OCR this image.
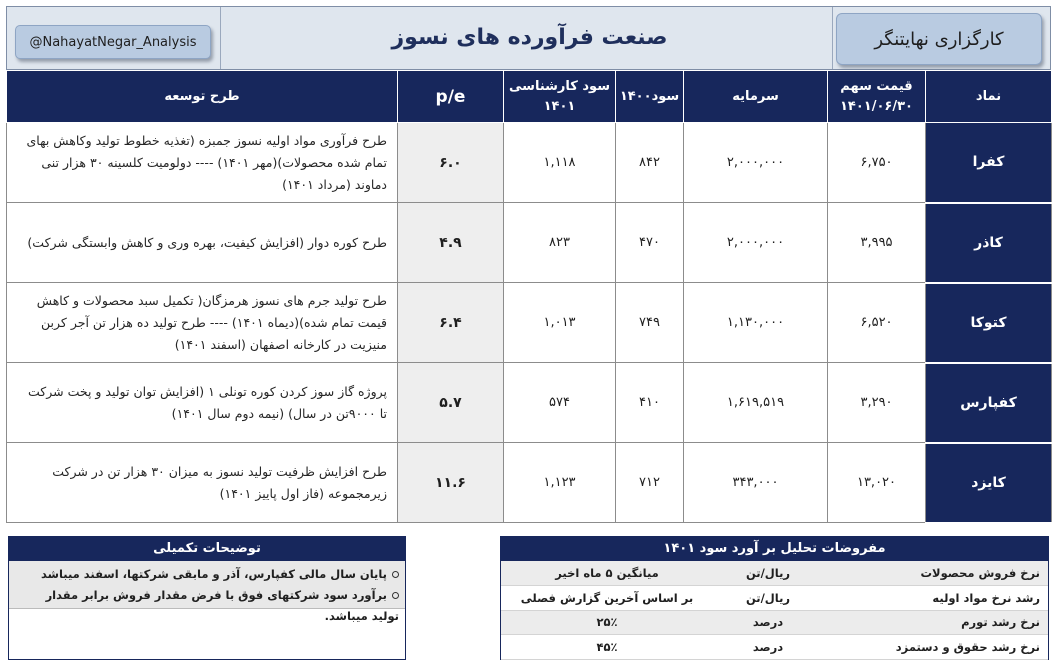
@NahayatNegar_Analysis	صنعت فرآورده های نسوز	کارگزاری نهایتنگر
نماد	قیمت سهم ۱۴۰۱/۰۶/۳۰	سرمایه	سود۱۴۰۰	سود کارشناسی ۱۴۰۱	p/e	طرح توسعه
کفرا	۶,۷۵۰	۲,۰۰۰,۰۰۰	۸۴۲	۱,۱۱۸	۶.۰	طرح فرآوری مواد اولیه نسوز جمبزه (تغذیه خطوط تولید وکاهش بهای تمام شده محصولات)(مهر ۱۴۰۱) ---- دولومیت کلسینه ۳۰ هزار تنی دماوند (مرداد ۱۴۰۱)
کاذر	۳,۹۹۵	۲,۰۰۰,۰۰۰	۴۷۰	۸۲۳	۴.۹	طرح کوره دوار (افزایش کیفیت، بهره وری و کاهش وابستگی شرکت)
کتوکا	۶,۵۲۰	۱,۱۳۰,۰۰۰	۷۴۹	۱,۰۱۳	۶.۴	طرح تولید جرم های نسوز هرمزگان( تکمیل سبد محصولات و کاهش قیمت تمام شده)(دیماه ۱۴۰۱) ---- طرح تولید ده هزار تن آجر کربن منیزیت در کارخانه اصفهان (اسفند ۱۴۰۱)
کفپارس	۳,۲۹۰	۱,۶۱۹,۵۱۹	۴۱۰	۵۷۴	۵.۷	پروژه گاز سوز کردن کوره تونلی ۱ (افزایش توان تولید و پخت شرکت تا ۹۰۰۰تن در سال) (نیمه دوم سال ۱۴۰۱)
کایزد	۱۳,۰۲۰	۳۴۳,۰۰۰	۷۱۲	۱,۱۲۳	۱۱.۶	طرح افزایش ظرفیت تولید نسوز به میزان ۳۰ هزار تن در شرکت زیرمجموعه (فاز اول پاییز ۱۴۰۱)
توضیحات تکمیلی
پایان سال مالی کفپارس، آذر و مابقی شرکتها، اسفند میباشد
برآورد سود شرکتهای فوق با فرض مقدار فروش برابر مقدار تولید میباشد.
مفروضات تحلیل بر آورد سود ۱۴۰۱
نرخ فروش محصولات	ریال/تن	میانگین ۵ ماه اخیر
رشد نرخ مواد اولیه	ریال/تن	بر اساس آخرین گزارش فصلی
نرخ رشد تورم	درصد	۲۵٪
نرخ رشد حقوق و دستمزد	درصد	۴۵٪
